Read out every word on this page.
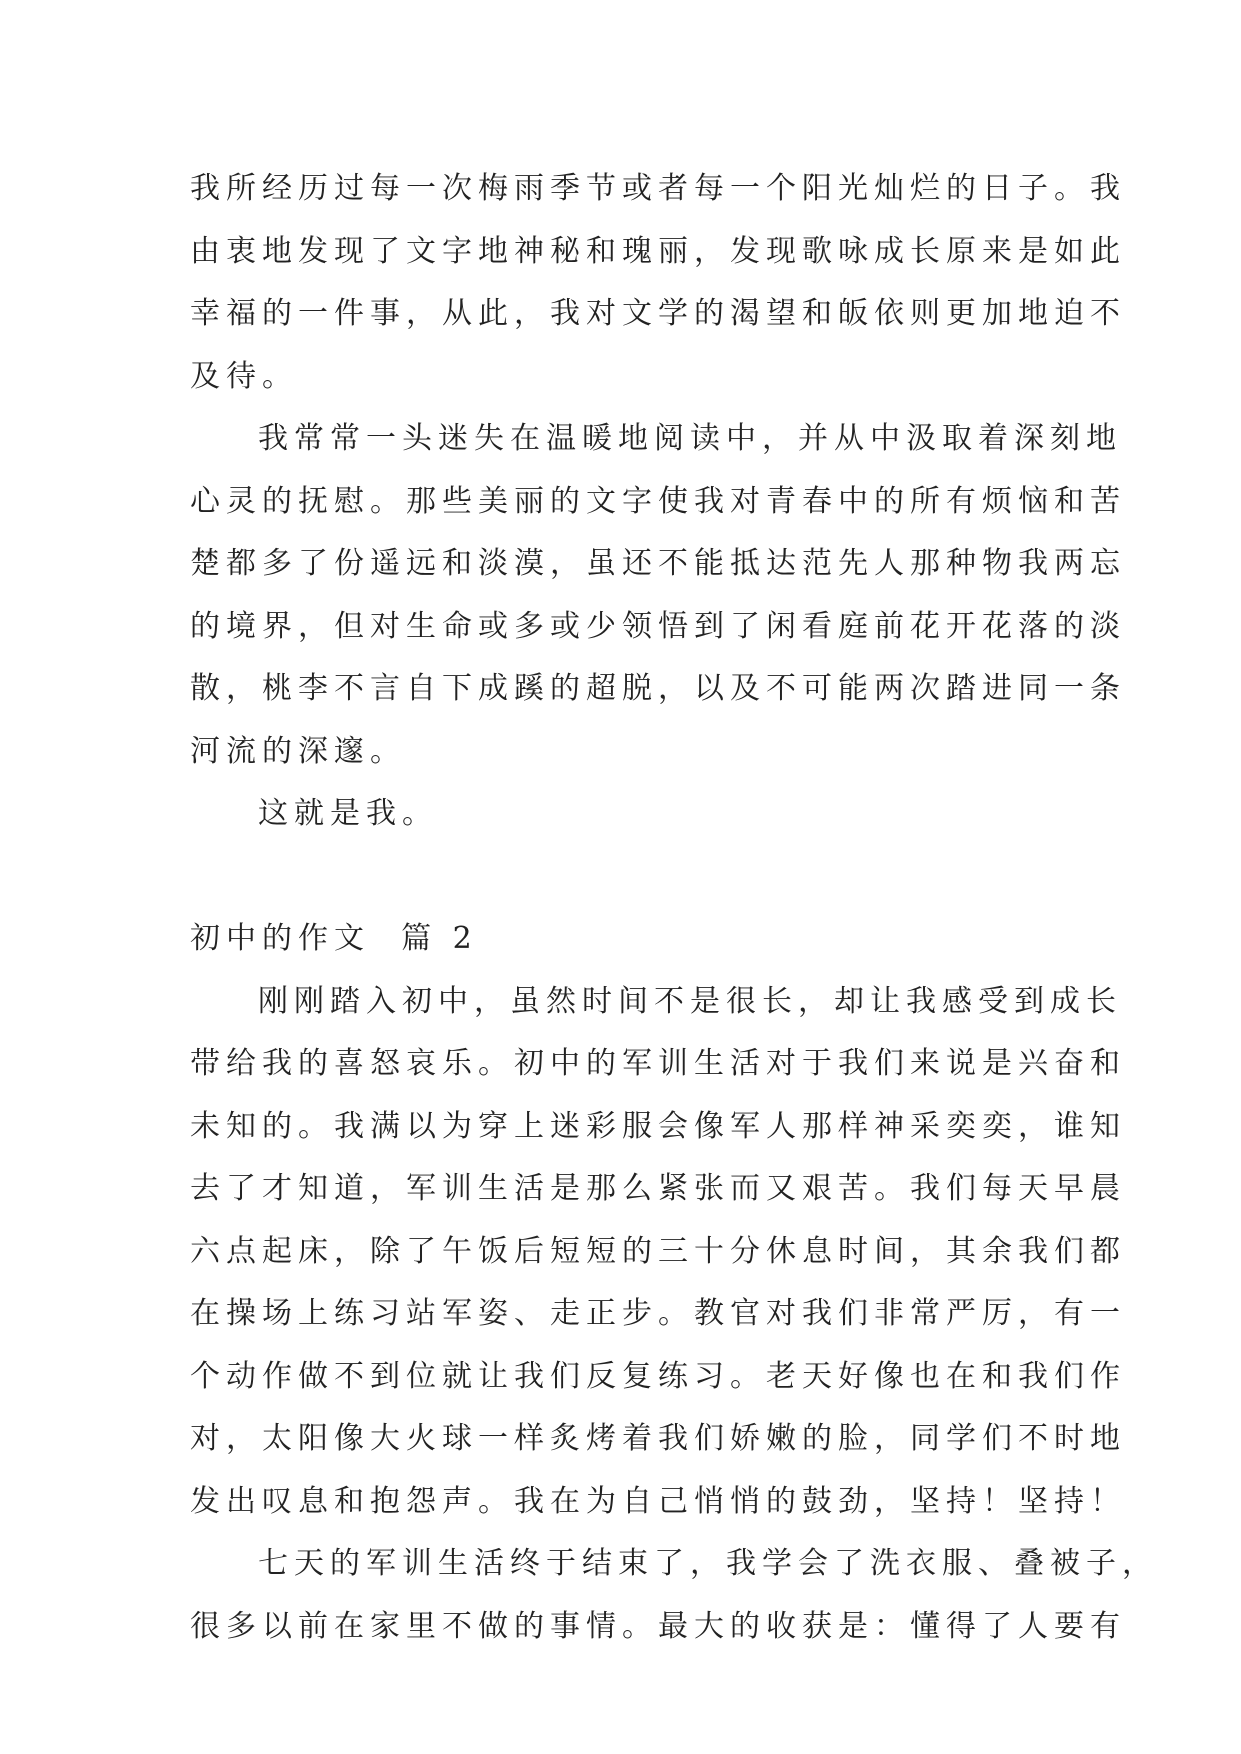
我所经历过每一次梅雨季节或者每一个阳光灿烂的日子。我
由衷地发现了文字地神秘和瑰丽，发现歌咏成长原来是如此
幸福的一件事，从此，我对文学的渴望和皈依则更加地迫不
及待。
我常常一头迷失在温暖地阅读中，并从中汲取着深刻地
心灵的抚慰。那些美丽的文字使我对青春中的所有烦恼和苦
楚都多了份遥远和淡漠，虽还不能抵达范先人那种物我两忘
的境界，但对生命或多或少领悟到了闲看庭前花开花落的淡
散，桃李不言自下成蹊的超脱，以及不可能两次踏进同一条
河流的深邃。
这就是我。
初中的作文  篇 2
刚刚踏入初中，虽然时间不是很长，却让我感受到成长
带给我的喜怒哀乐。初中的军训生活对于我们来说是兴奋和
未知的。我满以为穿上迷彩服会像军人那样神采奕奕，谁知
去了才知道，军训生活是那么紧张而又艰苦。我们每天早晨
六点起床，除了午饭后短短的三十分休息时间，其余我们都
在操场上练习站军姿、走正步。教官对我们非常严厉，有一
个动作做不到位就让我们反复练习。老天好像也在和我们作
对，太阳像大火球一样炙烤着我们娇嫩的脸，同学们不时地
发出叹息和抱怨声。我在为自己悄悄的鼓劲，坚持！坚持！
七天的军训生活终于结束了，我学会了洗衣服、叠被子，
很多以前在家里不做的事情。最大的收获是：懂得了人要有
